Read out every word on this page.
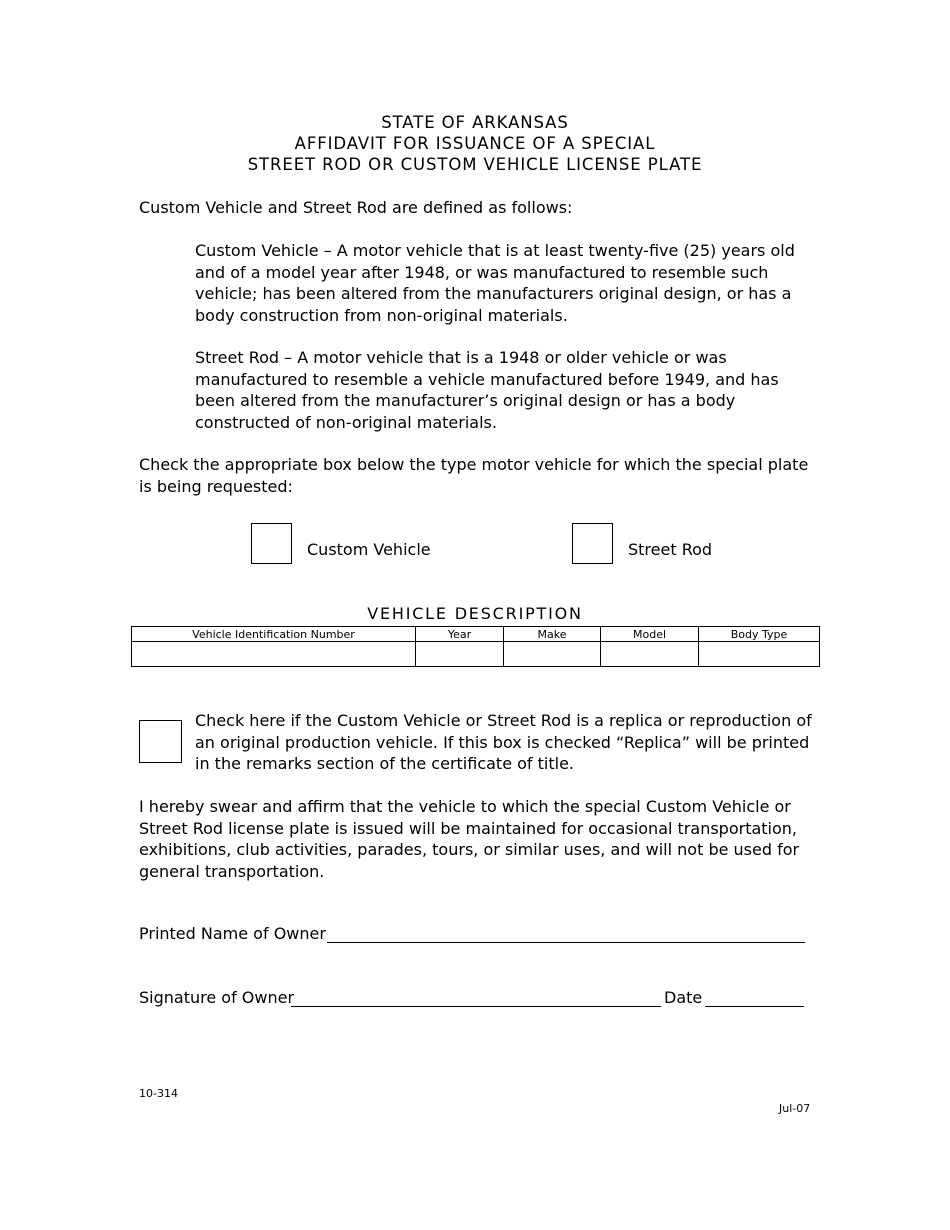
STATE OF ARKANSAS
AFFIDAVIT FOR ISSUANCE OF A SPECIAL
STREET ROD OR CUSTOM VEHICLE LICENSE PLATE
Custom Vehicle and Street Rod are defined as follows:
Custom Vehicle – A motor vehicle that is at least twenty-five (25) years old and of a model year after 1948, or was manufactured to resemble such vehicle; has been altered from the manufacturers original design, or has a body construction from non-original materials.
Street Rod – A motor vehicle that is a 1948 or older vehicle or was manufactured to resemble a vehicle manufactured before 1949, and has been altered from the manufacturer’s original design or has a body constructed of non-original materials.
Check the appropriate box below the type motor vehicle for which the special plate is being requested:
Custom Vehicle	Street Rod
VEHICLE DESCRIPTION
Vehicle Identification Number	Year	Make	Model	Body Type

Check here if the Custom Vehicle or Street Rod is a replica or reproduction of an original production vehicle. If this box is checked “Replica” will be printed in the remarks section of the certificate of title.
I hereby swear and affirm that the vehicle to which the special Custom Vehicle or Street Rod license plate is issued will be maintained for occasional transportation, exhibitions, club activities, parades, tours, or similar uses, and will not be used for general transportation.
Printed Name of Owner
Signature of Owner	Date
10-314
Jul-07
